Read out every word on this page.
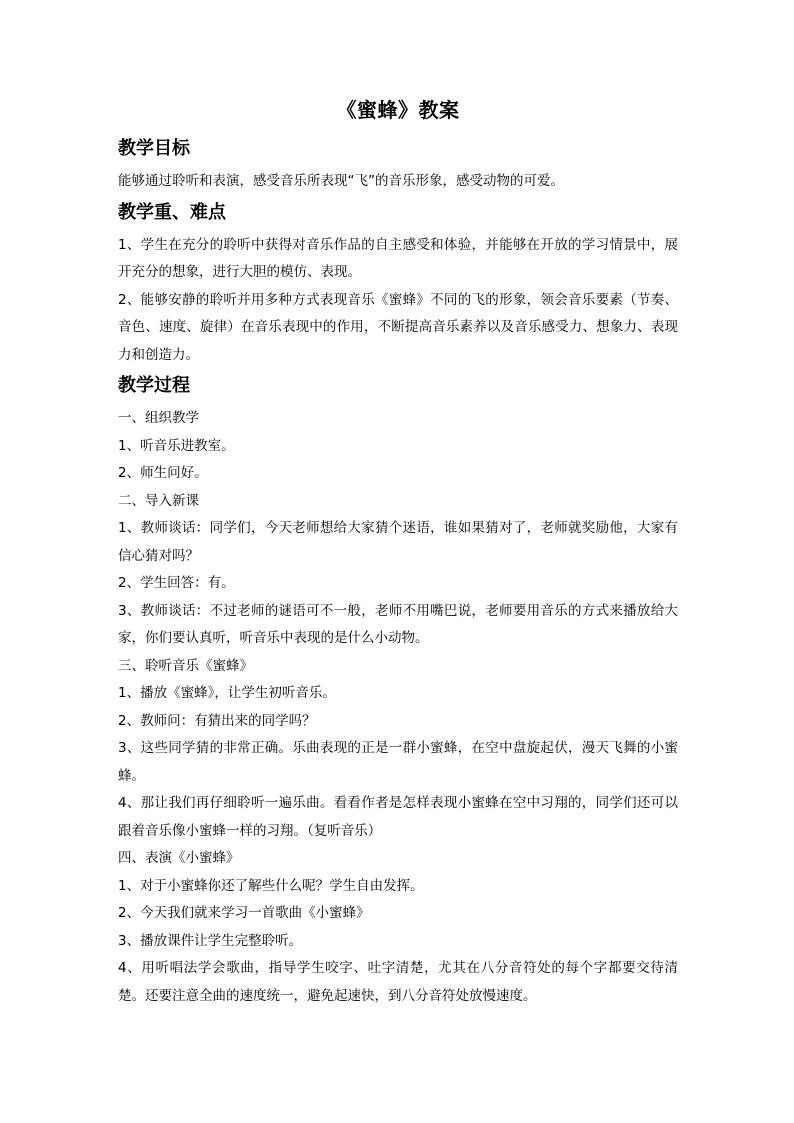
《蜜蜂》教案
教学目标

能够通过聆听和表演，感受音乐所表现“飞”的音乐形象，感受动物的可爱。

教学重、难点

1、学生在充分的聆听中获得对音乐作品的自主感受和体验，并能够在开放的学习情景中，展开充分的想象，进行大胆的模仿、表现。

2、能够安静的聆听并用多种方式表现音乐《蜜蜂》不同的飞的形象，领会音乐要素（节奏、音色、速度、旋律）在音乐表现中的作用，不断提高音乐素养以及音乐感受力、想象力、表现力和创造力。

教学过程

一、组织教学

1、听音乐进教室。

2、师生问好。

二、导入新课

1、教师谈话：同学们，今天老师想给大家猜个迷语，谁如果猜对了，老师就奖励他，大家有信心猜对吗？

2、学生回答：有。

3、教师谈话：不过老师的谜语可不一般，老师不用嘴巴说，老师要用音乐的方式来播放给大家，你们要认真听，听音乐中表现的是什么小动物。

三、聆听音乐《蜜蜂》

1、播放《蜜蜂》，让学生初听音乐。

2、教师问：有猜出来的同学吗？

3、这些同学猜的非常正确。乐曲表现的正是一群小蜜蜂，在空中盘旋起伏，漫天飞舞的小蜜蜂。

4、那让我们再仔细聆听一遍乐曲。看看作者是怎样表现小蜜蜂在空中习翔的，同学们还可以跟着音乐像小蜜蜂一样的习翔。（复听音乐）

四、表演《小蜜蜂》

1、对于小蜜蜂你还了解些什么呢？学生自由发挥。

2、今天我们就来学习一首歌曲《小蜜蜂》

3、播放课件让学生完整聆听。

4、用听唱法学会歌曲，指导学生咬字、吐字清楚，尤其在八分音符处的每个字都要交待清楚。还要注意全曲的速度统一，避免起速快，到八分音符处放慢速度。
